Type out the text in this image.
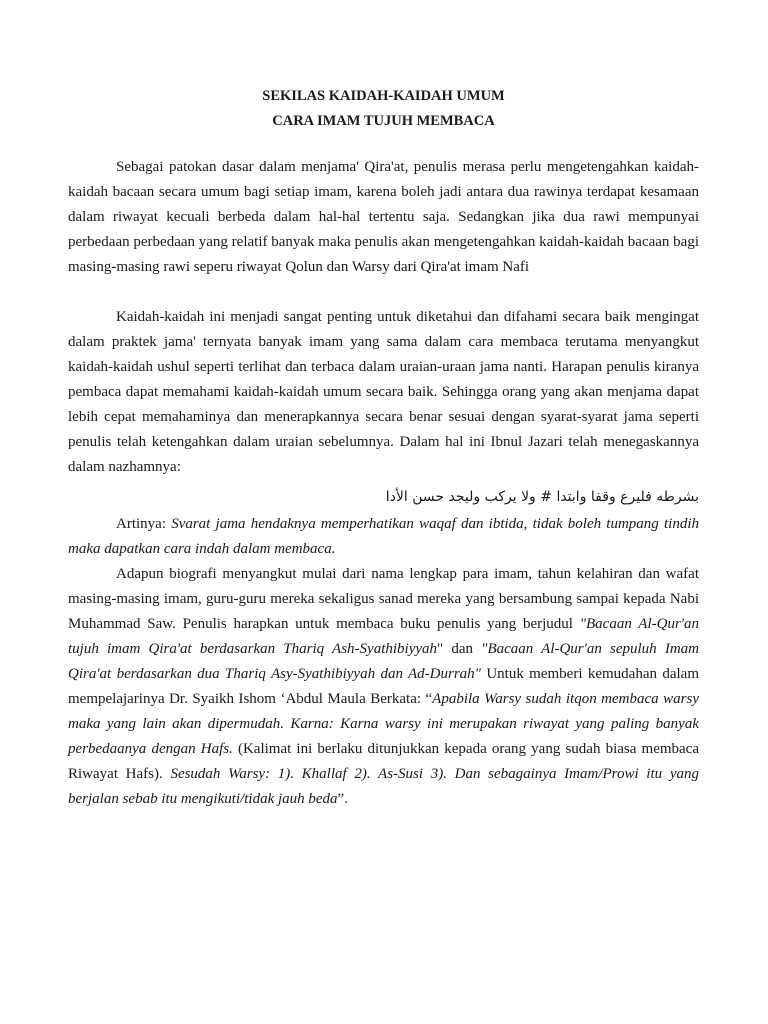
SEKILAS KAIDAH-KAIDAH UMUM

CARA IMAM TUJUH MEMBACA

Sebagai patokan dasar dalam menjama' Qira'at, penulis merasa perlu mengetengahkan kaidah-kaidah bacaan secara umum bagi setiap imam, karena boleh jadi antara dua rawinya terdapat kesamaan dalam riwayat kecuali berbeda dalam hal-hal tertentu saja. Sedangkan jika dua rawi mempunyai perbedaan perbedaan yang relatif banyak maka penulis akan mengetengahkan kaidah-kaidah bacaan bagi masing-masing rawi seperu riwayat Qolun dan Warsy dari Qira'at imam Nafi

Kaidah-kaidah ini menjadi sangat penting untuk diketahui dan difahami secara baik mengingat dalam praktek jama' ternyata banyak imam yang sama dalam cara membaca terutama menyangkut kaidah-kaidah ushul seperti terlihat dan terbaca dalam uraian-uraan jama nanti. Harapan penulis kiranya pembaca dapat memahami kaidah-kaidah umum secara baik. Sehingga orang yang akan menjama dapat lebih cepat memahaminya dan menerapkannya secara benar sesuai dengan syarat-syarat jama seperti penulis telah ketengahkan dalam uraian sebelumnya. Dalam hal ini Ibnul Jazari telah menegaskannya dalam nazhamnya:

بشرطه فليرع وقفا وابتدا # ولا يركب وليجد حسن الأدا

Artinya: Svarat jama hendaknya memperhatikan waqaf dan ibtida, tidak boleh tumpang tindih maka dapatkan cara indah dalam membaca.

Adapun biografi menyangkut mulai dari nama lengkap para imam, tahun kelahiran dan wafat masing-masing imam, guru-guru mereka sekaligus sanad mereka yang bersambung sampai kepada Nabi Muhammad Saw. Penulis harapkan untuk membaca buku penulis yang berjudul "Bacaan Al-Qur'an tujuh imam Qira'at berdasarkan Thariq Ash-Syathibiyyah" dan "Bacaan Al-Qur'an sepuluh Imam Qira'at berdasarkan dua Thariq Asy-Syathibiyyah dan Ad-Durrah" Untuk memberi kemudahan dalam mempelajarinya Dr. Syaikh Ishom ‘Abdul Maula Berkata: “Apabila Warsy sudah itqon membaca warsy maka yang lain akan dipermudah. Karna: Karna warsy ini merupakan riwayat yang paling banyak perbedaanya dengan Hafs. (Kalimat ini berlaku ditunjukkan kepada orang yang sudah biasa membaca Riwayat Hafs). Sesudah Warsy: 1). Khallaf 2). As-Susi 3). Dan sebagainya Imam/Prowi itu yang berjalan sebab itu mengikuti/tidak jauh beda”.
